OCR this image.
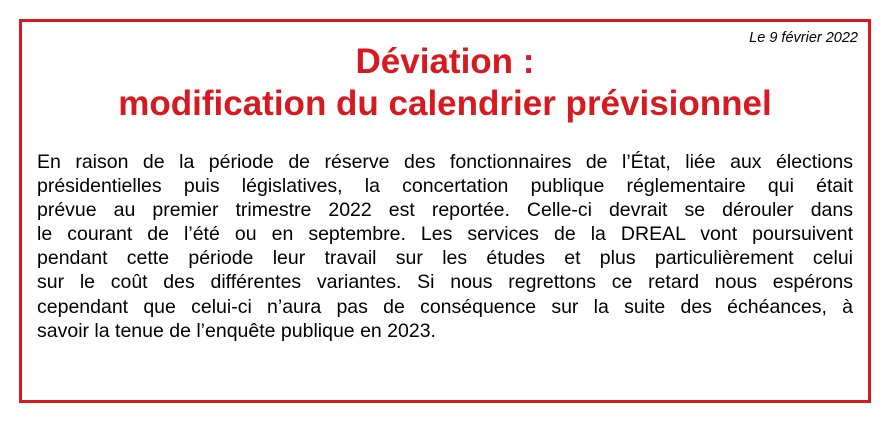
Le 9 février 2022
Déviation :
modification du calendrier prévisionnel

En raison de la période de réserve des fonctionnaires de l’État, liée aux élections
présidentielles puis législatives, la concertation publique réglementaire qui était
prévue au premier trimestre 2022 est reportée. Celle-ci devrait se dérouler dans
le courant de l’été ou en septembre. Les services de la DREAL vont poursuivent
pendant cette période leur travail sur les études et plus particulièrement celui
sur le coût des différentes variantes. Si nous regrettons ce retard nous espérons
cependant que celui-ci n’aura pas de conséquence sur la suite des échéances, à
savoir la tenue de l’enquête publique en 2023.
